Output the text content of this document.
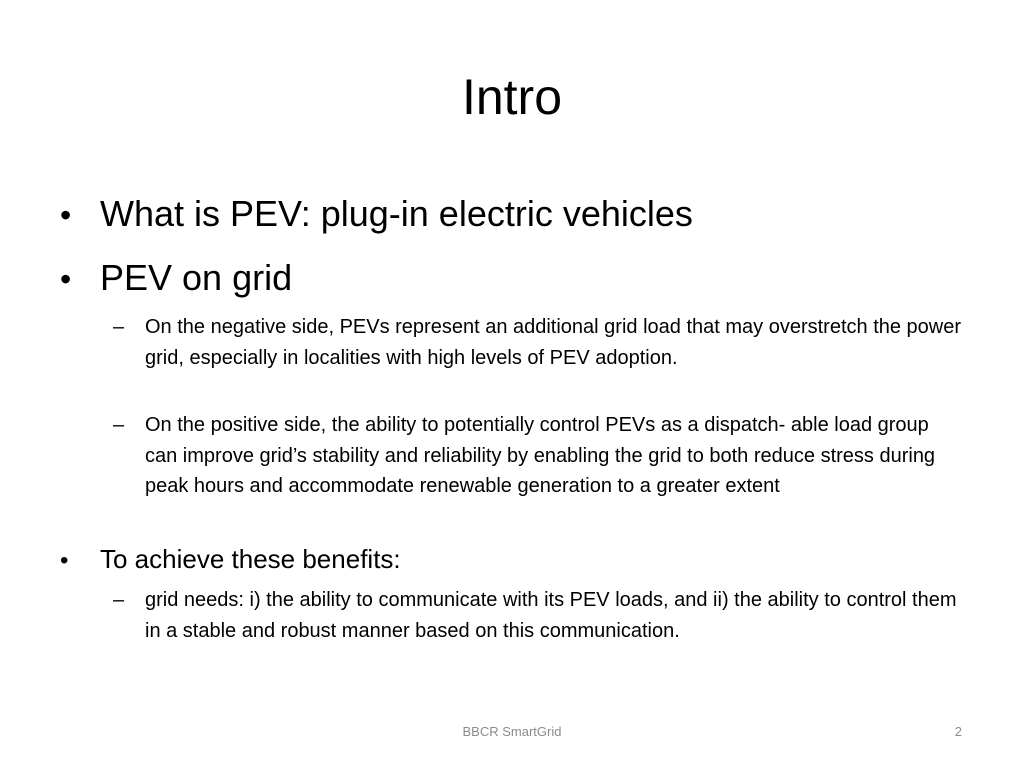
Intro
• What is PEV: plug-in electric vehicles
• PEV on grid
–	On the negative side, PEVs represent an additional grid load that may overstretch the power grid, especially in localities with high levels of PEV adoption.
–	On the positive side, the ability to potentially control PEVs as a dispatch- able load group can improve grid’s stability and reliability by enabling the grid to both reduce stress during peak hours and accommodate renewable generation to a greater extent
•	To achieve these benefits:
–	grid needs: i) the ability to communicate with its PEV loads, and ii) the ability to control them in a stable and robust manner based on this communication.
BBCR SmartGrid	2
